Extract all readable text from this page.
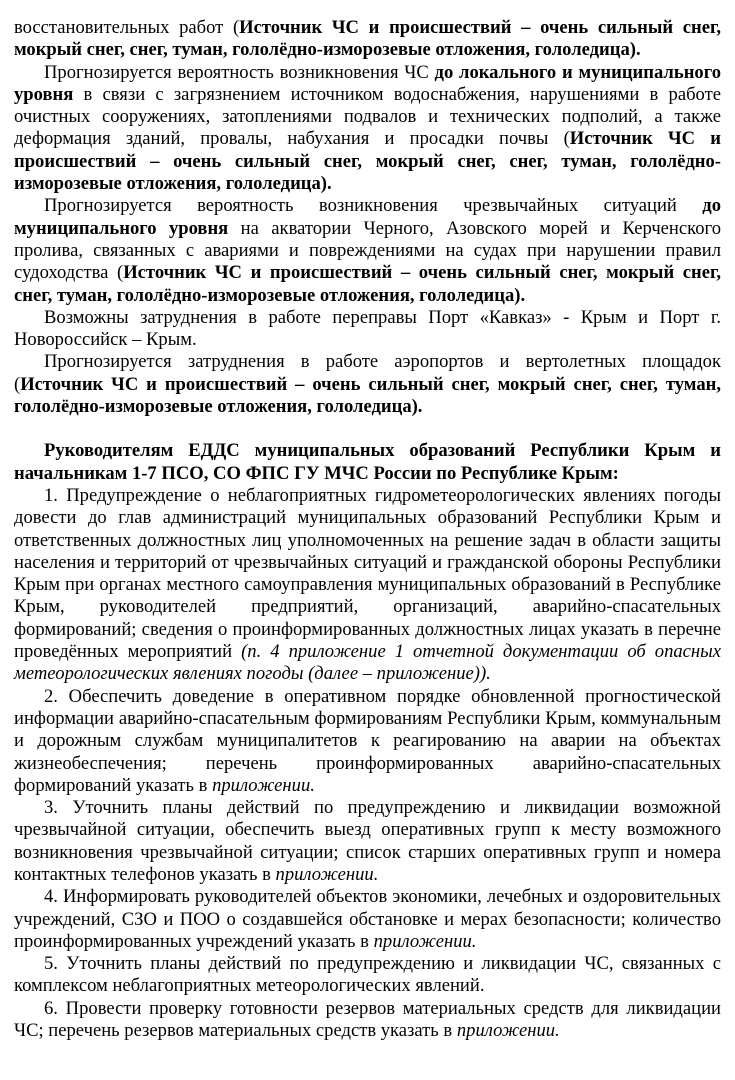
восстановительных работ (Источник ЧС и происшествий – очень сильный снег, мокрый снег, снег, туман, гололёдно-изморозевые отложения, гололедица).

Прогнозируется вероятность возникновения ЧС до локального и муниципального уровня в связи с загрязнением источником водоснабжения, нарушениями в работе очистных сооружениях, затоплениями подвалов и технических подполий, а также деформация зданий, провалы, набухания и просадки почвы (Источник ЧС и происшествий – очень сильный снег, мокрый снег, снег, туман, гололёдно-изморозевые отложения, гололедица).

Прогнозируется вероятность возникновения чрезвычайных ситуаций до муниципального уровня на акватории Черного, Азовского морей и Керченского пролива, связанных с авариями и повреждениями на судах при нарушении правил судоходства (Источник ЧС и происшествий – очень сильный снег, мокрый снег, снег, туман, гололёдно-изморозевые отложения, гололедица).

Возможны затруднения в работе переправы Порт «Кавказ» - Крым и Порт г. Новороссийск – Крым.

Прогнозируется затруднения в работе аэропортов и вертолетных площадок (Источник ЧС и происшествий – очень сильный снег, мокрый снег, снег, туман, гололёдно-изморозевые отложения, гололедица).

Руководителям ЕДДС муниципальных образований Республики Крым и начальникам 1-7 ПСО, СО ФПС ГУ МЧС России по Республике Крым:

1. Предупреждение о неблагоприятных гидрометеорологических явлениях погоды довести до глав администраций муниципальных образований Республики Крым и ответственных должностных лиц уполномоченных на решение задач в области защиты населения и территорий от чрезвычайных ситуаций и гражданской обороны Республики Крым при органах местного самоуправления муниципальных образований в Республике Крым, руководителей предприятий, организаций, аварийно-спасательных формирований; сведения о проинформированных должностных лицах указать в перечне проведённых мероприятий (п. 4 приложение 1 отчетной документации об опасных метеорологических явлениях погоды (далее – приложение)).

2. Обеспечить доведение в оперативном порядке обновленной прогностической информации аварийно-спасательным формированиям Республики Крым, коммунальным и дорожным службам муниципалитетов к реагированию на аварии на объектах жизнеобеспечения; перечень проинформированных аварийно-спасательных формирований указать в приложении.

3. Уточнить планы действий по предупреждению и ликвидации возможной чрезвычайной ситуации, обеспечить выезд оперативных групп к месту возможного возникновения чрезвычайной ситуации; список старших оперативных групп и номера контактных телефонов указать в приложении.

4. Информировать руководителей объектов экономики, лечебных и оздоровительных учреждений, СЗО и ПОО о создавшейся обстановке и мерах безопасности; количество проинформированных учреждений указать в приложении.

5. Уточнить планы действий по предупреждению и ликвидации ЧС, связанных с комплексом неблагоприятных метеорологических явлений.

6. Провести проверку готовности резервов материальных средств для ликвидации ЧС; перечень резервов материальных средств указать в приложении.
